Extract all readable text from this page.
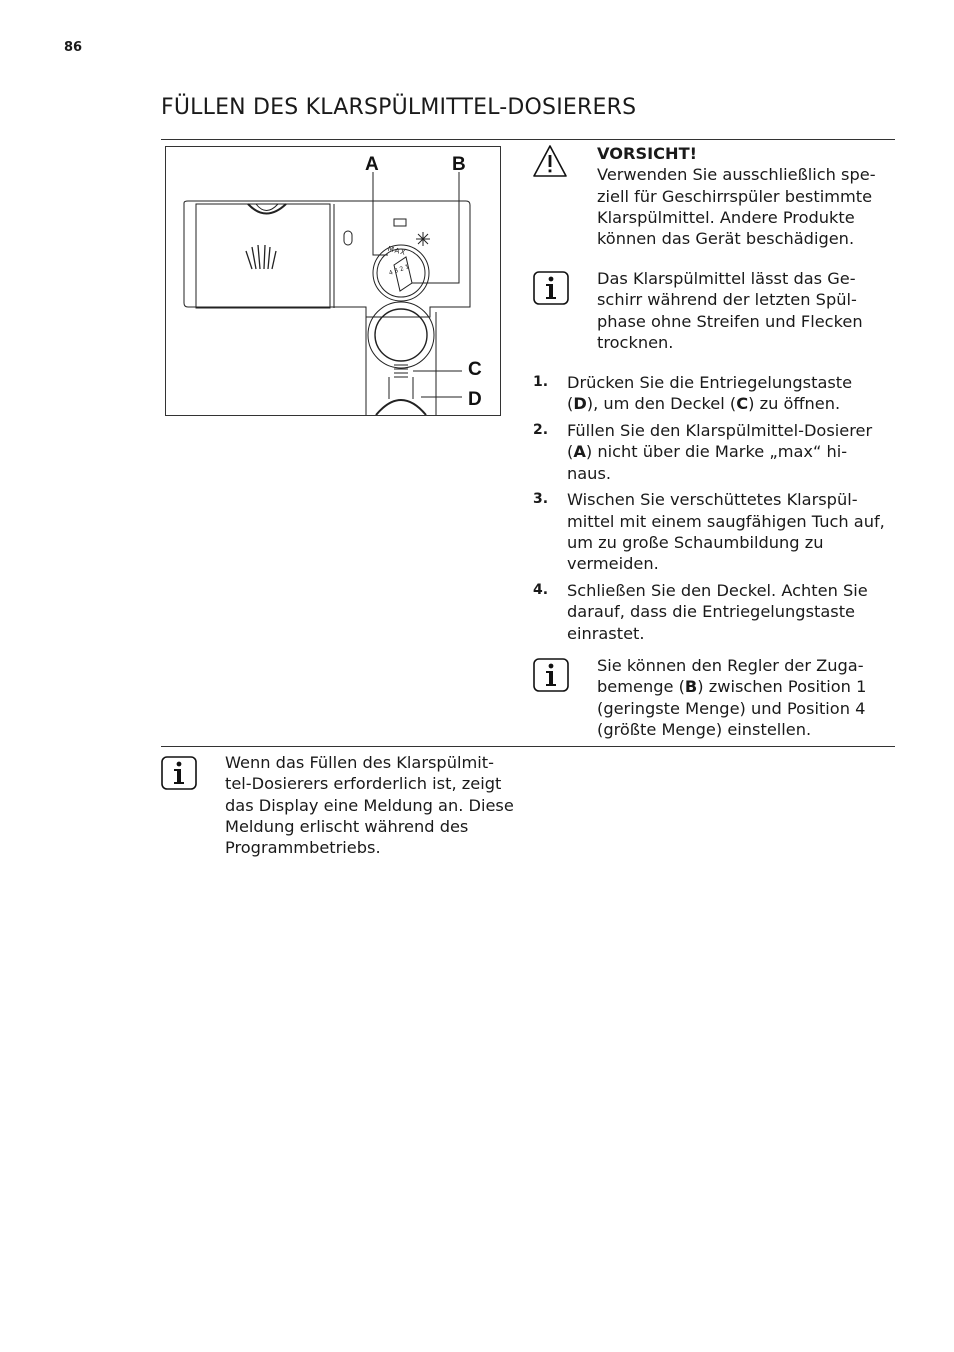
86
FÜLLEN DES KLARSPÜLMITTEL-DOSIERERS
MAX
4 3 2 1
A	B
C
D
VORSICHT!
Verwenden Sie ausschließlich spe-ziell für Geschirrspüler bestimmte Klarspülmittel. Andere Produkte können das Gerät beschädigen.
Das Klarspülmittel lässt das Ge-schirr während der letzten Spül-phase ohne Streifen und Flecken trocknen.
1. Drücken Sie die Entriegelungstaste (D), um den Deckel (C) zu öffnen.
2. Füllen Sie den Klarspülmittel-Dosierer (A) nicht über die Marke „max“ hi-naus.
3. Wischen Sie verschüttetes Klarspül-mittel mit einem saugfähigen Tuch auf, um zu große Schaumbildung zu vermeiden.
4. Schließen Sie den Deckel. Achten Sie darauf, dass die Entriegelungstaste einrastet.
Sie können den Regler der Zuga-bemenge (B) zwischen Position 1 (geringste Menge) und Position 4 (größte Menge) einstellen.
Wenn das Füllen des Klarspülmit-tel-Dosierers erforderlich ist, zeigt das Display eine Meldung an. Diese Meldung erlischt während des Programmbetriebs.
